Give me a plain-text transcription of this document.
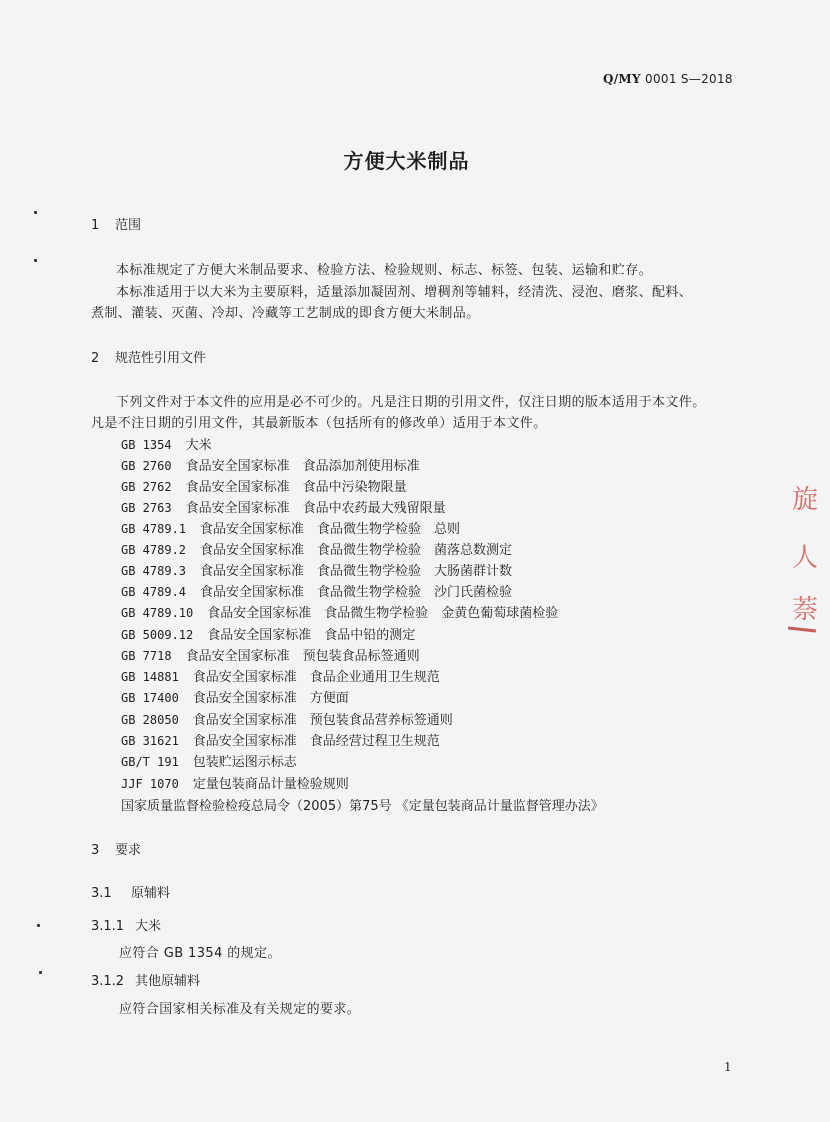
Q/MY 0001 S—2018
方便大米制品
1 范围
本标准规定了方便大米制品要求、检验方法、检验规则、标志、标签、包装、运输和贮存。
本标准适用于以大米为主要原料，适量添加凝固剂、增稠剂等辅料，经清洗、浸泡、磨浆、配料、
煮制、灌装、灭菌、冷却、冷藏等工艺制成的即食方便大米制品。
2 规范性引用文件
下列文件对于本文件的应用是必不可少的。凡是注日期的引用文件，仅注日期的版本适用于本文件。
凡是不注日期的引用文件，其最新版本（包括所有的修改单）适用于本文件。
GB 1354 大米
GB 2760 食品安全国家标准　食品添加剂使用标准
GB 2762 食品安全国家标准　食品中污染物限量
GB 2763 食品安全国家标准　食品中农药最大残留限量
GB 4789.1 食品安全国家标准　食品微生物学检验　总则
GB 4789.2 食品安全国家标准　食品微生物学检验　菌落总数测定
GB 4789.3 食品安全国家标准　食品微生物学检验　大肠菌群计数
GB 4789.4 食品安全国家标准　食品微生物学检验　沙门氏菌检验
GB 4789.10 食品安全国家标准　食品微生物学检验　金黄色葡萄球菌检验
GB 5009.12 食品安全国家标准　食品中铅的测定
GB 7718 食品安全国家标准　预包装食品标签通则
GB 14881 食品安全国家标准　食品企业通用卫生规范
GB 17400 食品安全国家标准　方便面
GB 28050 食品安全国家标准　预包装食品营养标签通则
GB 31621 食品安全国家标准　食品经营过程卫生规范
GB/T 191 包装贮运图示标志
JJF 1070 定量包装商品计量检验规则
国家质量监督检验检疫总局令（2005）第75号 《定量包装商品计量监督管理办法》
3 要求
3.1 原辅料
3.1.1 大米
应符合 GB 1354 的规定。
3.1.2 其他原辅料
应符合国家相关标准及有关规定的要求。
1
旋
人
萘
